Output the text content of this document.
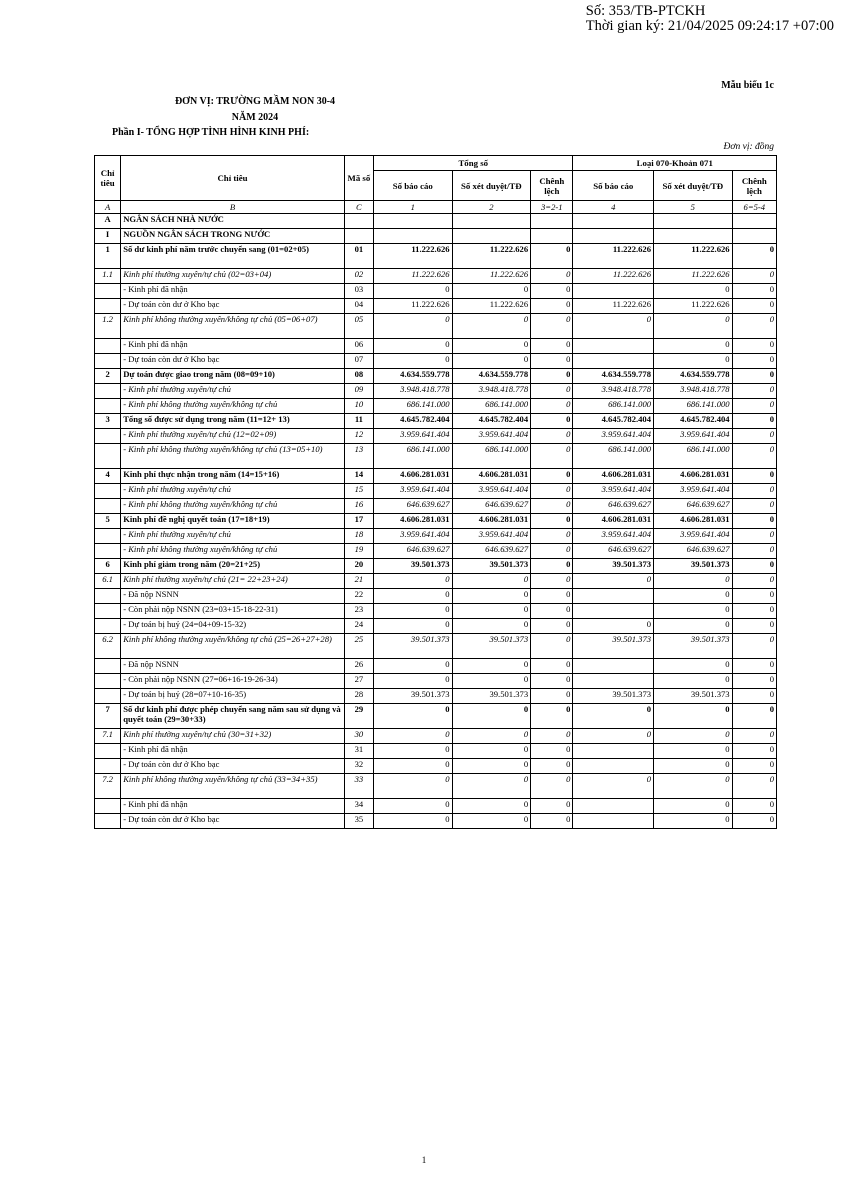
Số: 353/TB-PTCKH
Thời gian ký: 21/04/2025 09:24:17 +07:00
Mẫu biểu 1c
ĐƠN VỊ: TRƯỜNG MẦM NON 30-4
NĂM 2024
Phần I- TỔNG HỢP TÌNH HÌNH KINH PHÍ:
Đơn vị: đồng
Chỉ tiêu	Chỉ tiêu	Mã số	Tổng số			Loại 070-Khoản 071		
			Số báo cáo	Số xét duyệt/TĐ	Chênh lệch	Số báo cáo	Số xét duyệt/TĐ	Chênh lệch
A	B	C	1	2	3=2-1	4	5	6=5-4
A	NGÂN SÁCH NHÀ NƯỚC							
I	NGUỒN NGÂN SÁCH TRONG NƯỚC							
1	Số dư kinh phí năm trước chuyển sang (01=02+05)	01	11.222.626	11.222.626	0	11.222.626	11.222.626	0
1.1	Kinh phí thường xuyên/tự chủ (02=03+04)	02	11.222.626	11.222.626	0	11.222.626	11.222.626	0
	- Kinh phí đã nhận	03	0	0	0		0	0
	- Dự toán còn dư ở Kho bạc	04	11.222.626	11.222.626	0	11.222.626	11.222.626	0
1.2	Kinh phí không thường xuyên/không tự chủ (05=06+07)	05	0	0	0	0	0	0
	- Kinh phí đã nhận	06	0	0	0		0	0
	- Dự toán còn dư ở Kho bạc	07	0	0	0		0	0
2	Dự toán được giao trong năm (08=09+10)	08	4.634.559.778	4.634.559.778	0	4.634.559.778	4.634.559.778	0
	- Kinh phí thường xuyên/tự chủ	09	3.948.418.778	3.948.418.778	0	3.948.418.778	3.948.418.778	0
	- Kinh phí không thường xuyên/không tự chủ	10	686.141.000	686.141.000	0	686.141.000	686.141.000	0
3	Tổng số được sử dụng trong năm (11=12+ 13)	11	4.645.782.404	4.645.782.404	0	4.645.782.404	4.645.782.404	0
	- Kinh phí thường xuyên/tự chủ (12=02+09)	12	3.959.641.404	3.959.641.404	0	3.959.641.404	3.959.641.404	0
	- Kinh phí không thường xuyên/không tự chủ (13=05+10)	13	686.141.000	686.141.000	0	686.141.000	686.141.000	0
4	Kinh phí thực nhận trong năm (14=15+16)	14	4.606.281.031	4.606.281.031	0	4.606.281.031	4.606.281.031	0
	- Kinh phí thường xuyên/tự chủ	15	3.959.641.404	3.959.641.404	0	3.959.641.404	3.959.641.404	0
	- Kinh phí không thường xuyên/không tự chủ	16	646.639.627	646.639.627	0	646.639.627	646.639.627	0
5	Kinh phí đề nghị quyết toán (17=18+19)	17	4.606.281.031	4.606.281.031	0	4.606.281.031	4.606.281.031	0
	- Kinh phí thường xuyên/tự chủ	18	3.959.641.404	3.959.641.404	0	3.959.641.404	3.959.641.404	0
	- Kinh phí không thường xuyên/không tự chủ	19	646.639.627	646.639.627	0	646.639.627	646.639.627	0
6	Kinh phí giảm trong năm (20=21+25)	20	39.501.373	39.501.373	0	39.501.373	39.501.373	0
6.1	Kinh phí thường xuyên/tự chủ (21= 22+23+24)	21	0	0	0	0	0	0
	- Đã nộp NSNN	22	0	0	0		0	0
	- Còn phải nộp NSNN (23=03+15-18-22-31)	23	0	0	0		0	0
	- Dự toán bị huỷ (24=04+09-15-32)	24	0	0	0	0	0	0
6.2	Kinh phí không thường xuyên/không tự chủ (25=26+27+28)	25	39.501.373	39.501.373	0	39.501.373	39.501.373	0
	- Đã nộp NSNN	26	0	0	0		0	0
	- Còn phải nộp NSNN (27=06+16-19-26-34)	27	0	0	0		0	0
	- Dự toán bị huỷ (28=07+10-16-35)	28	39.501.373	39.501.373	0	39.501.373	39.501.373	0
7	Số dư kinh phí được phép chuyển sang năm sau sử dụng và quyết toán (29=30+33)	29	0	0	0	0	0	0
7.1	Kinh phí thường xuyên/tự chủ (30=31+32)	30	0	0	0	0	0	0
	- Kinh phí đã nhận	31	0	0	0		0	0
	- Dự toán còn dư ở Kho bạc	32	0	0	0		0	0
7.2	Kinh phí không thường xuyên/không tự chủ (33=34+35)	33	0	0	0	0	0	0
	- Kinh phí đã nhận	34	0	0	0		0	0
	- Dự toán còn dư ở Kho bạc	35	0	0	0		0	0
1
